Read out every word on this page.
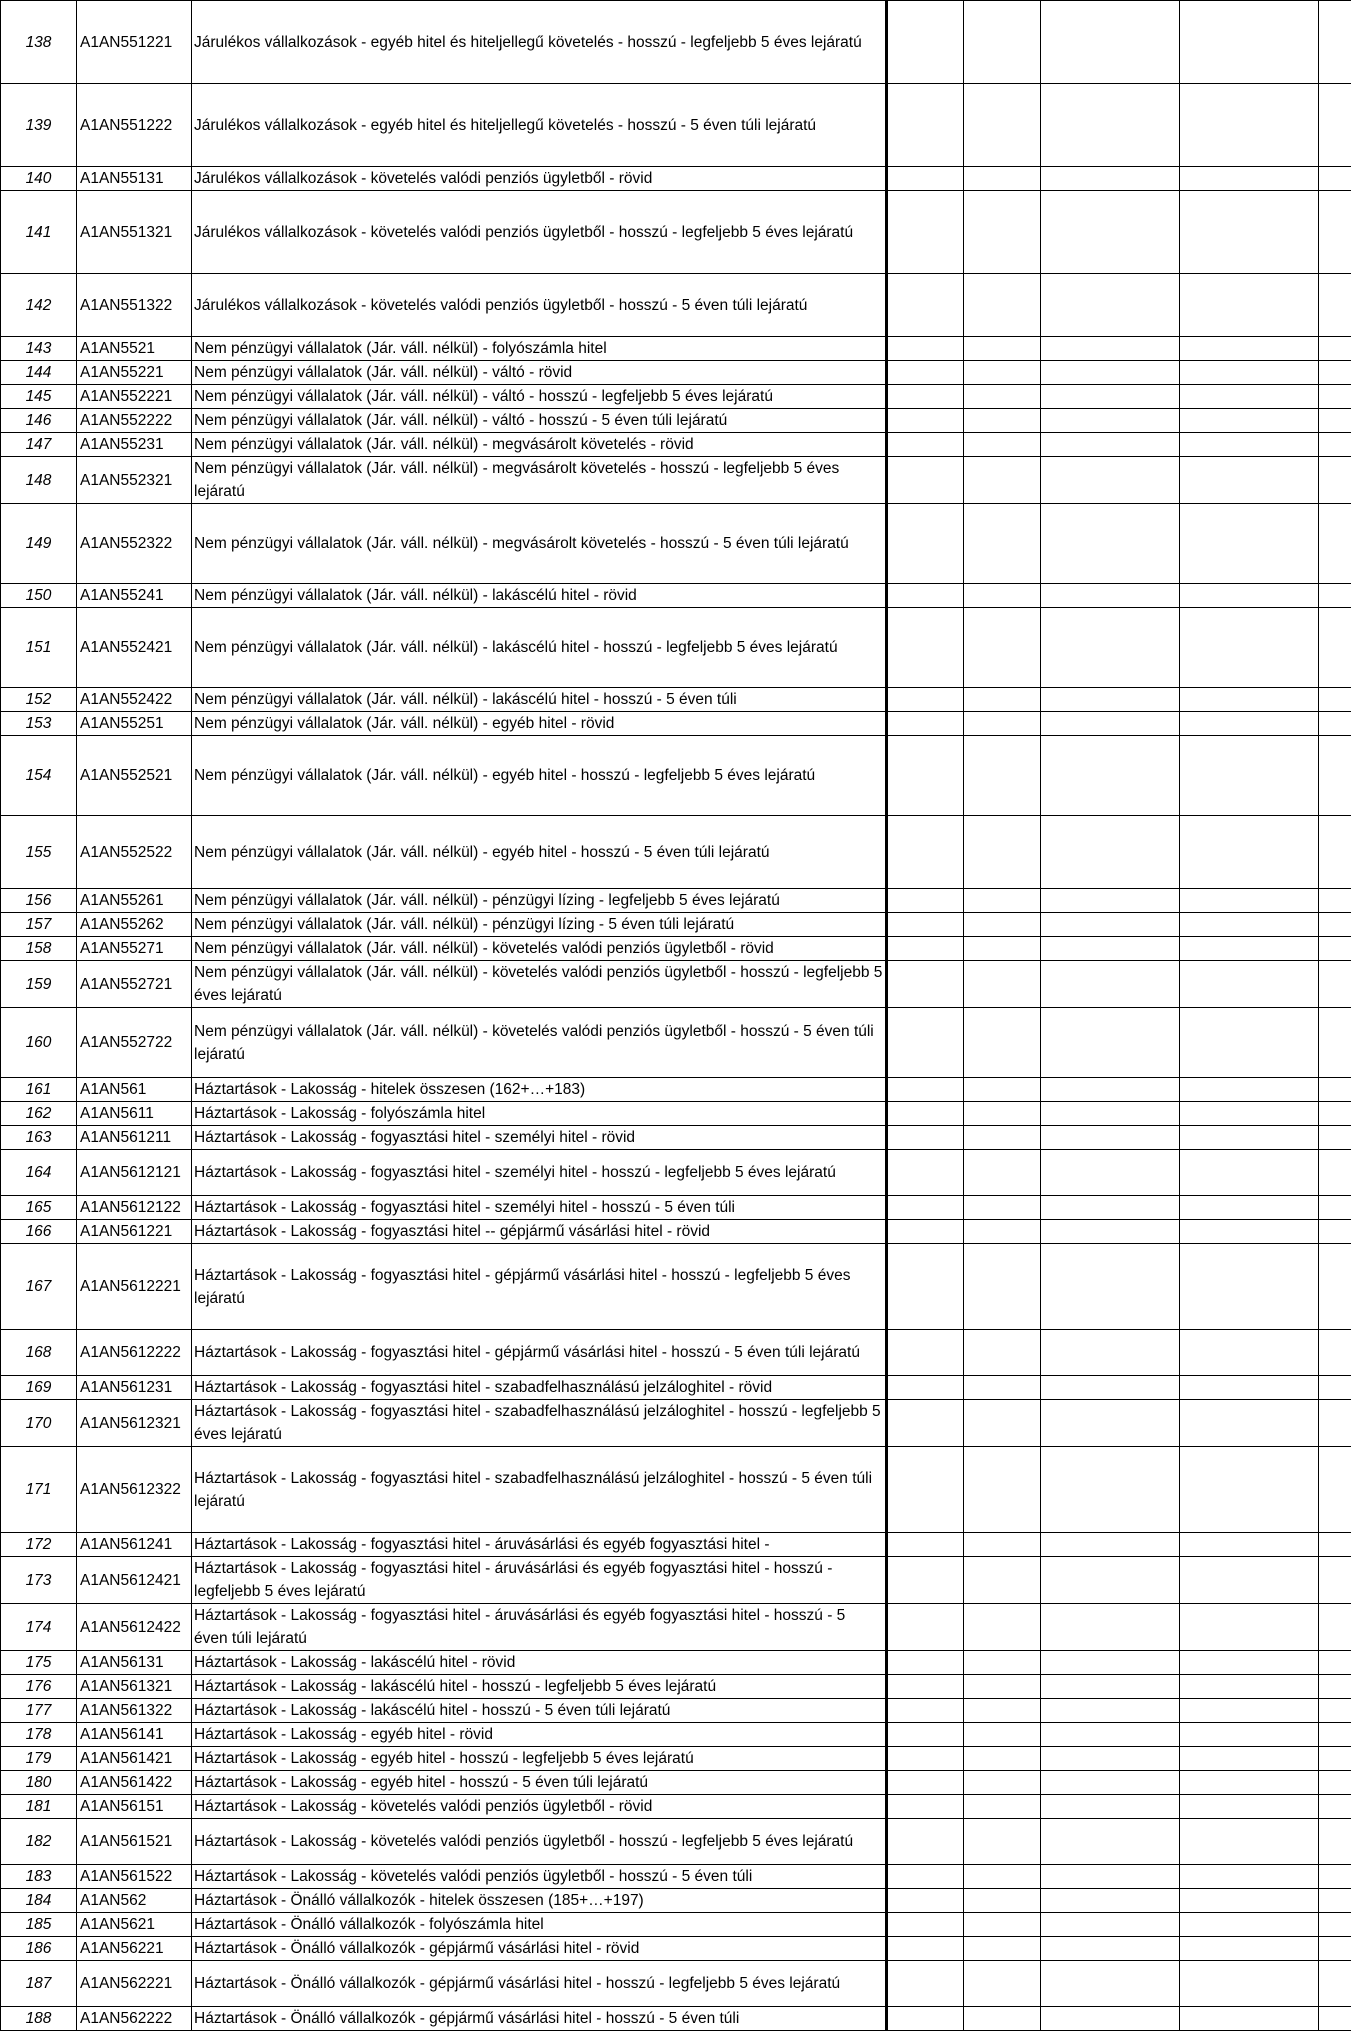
138	A1AN551221	Járulékos vállalkozások - egyéb hitel és hiteljellegű követelés - hosszú - legfeljebb 5 éves lejáratú						
139	A1AN551222	Járulékos vállalkozások - egyéb hitel és hiteljellegű követelés - hosszú - 5 éven túli lejáratú						
140	A1AN55131	Járulékos vállalkozások - követelés valódi penziós ügyletből - rövid						
141	A1AN551321	Járulékos vállalkozások - követelés valódi penziós ügyletből - hosszú - legfeljebb 5 éves lejáratú						
142	A1AN551322	Járulékos vállalkozások - követelés valódi penziós ügyletből - hosszú - 5 éven túli lejáratú						
143	A1AN5521	Nem pénzügyi vállalatok (Jár. váll. nélkül) - folyószámla hitel						
144	A1AN55221	Nem pénzügyi vállalatok (Jár. váll. nélkül) - váltó - rövid						
145	A1AN552221	Nem pénzügyi vállalatok (Jár. váll. nélkül) - váltó - hosszú - legfeljebb 5 éves lejáratú						
146	A1AN552222	Nem pénzügyi vállalatok (Jár. váll. nélkül) - váltó - hosszú - 5 éven túli lejáratú						
147	A1AN55231	Nem pénzügyi vállalatok (Jár. váll. nélkül) - megvásárolt követelés - rövid						
148	A1AN552321	Nem pénzügyi vállalatok (Jár. váll. nélkül) - megvásárolt követelés - hosszú - legfeljebb 5 éves lejáratú						
149	A1AN552322	Nem pénzügyi vállalatok (Jár. váll. nélkül) - megvásárolt követelés - hosszú - 5 éven túli lejáratú						
150	A1AN55241	Nem pénzügyi vállalatok (Jár. váll. nélkül) - lakáscélú hitel - rövid						
151	A1AN552421	Nem pénzügyi vállalatok (Jár. váll. nélkül) - lakáscélú hitel - hosszú - legfeljebb 5 éves lejáratú						
152	A1AN552422	Nem pénzügyi vállalatok (Jár. váll. nélkül) - lakáscélú hitel - hosszú - 5 éven túli						
153	A1AN55251	Nem pénzügyi vállalatok (Jár. váll. nélkül) - egyéb hitel - rövid						
154	A1AN552521	Nem pénzügyi vállalatok (Jár. váll. nélkül) - egyéb hitel - hosszú - legfeljebb 5 éves lejáratú						
155	A1AN552522	Nem pénzügyi vállalatok (Jár. váll. nélkül) - egyéb hitel - hosszú - 5 éven túli lejáratú						
156	A1AN55261	Nem pénzügyi vállalatok (Jár. váll. nélkül) - pénzügyi lízing - legfeljebb 5 éves lejáratú						
157	A1AN55262	Nem pénzügyi vállalatok (Jár. váll. nélkül) - pénzügyi lízing - 5 éven túli lejáratú						
158	A1AN55271	Nem pénzügyi vállalatok (Jár. váll. nélkül) - követelés valódi penziós ügyletből - rövid						
159	A1AN552721	Nem pénzügyi vállalatok (Jár. váll. nélkül) - követelés valódi penziós ügyletből - hosszú - legfeljebb 5 éves lejáratú						
160	A1AN552722	Nem pénzügyi vállalatok (Jár. váll. nélkül) - követelés valódi penziós ügyletből - hosszú - 5 éven túli lejáratú						
161	A1AN561	Háztartások - Lakosság - hitelek összesen (162+…+183)						
162	A1AN5611	Háztartások - Lakosság - folyószámla hitel						
163	A1AN561211	Háztartások - Lakosság - fogyasztási hitel - személyi hitel - rövid						
164	A1AN5612121	Háztartások - Lakosság - fogyasztási hitel - személyi hitel - hosszú - legfeljebb 5 éves lejáratú						
165	A1AN5612122	Háztartások - Lakosság - fogyasztási hitel - személyi hitel - hosszú - 5 éven túli						
166	A1AN561221	Háztartások - Lakosság - fogyasztási hitel -- gépjármű vásárlási hitel - rövid						
167	A1AN5612221	Háztartások - Lakosság - fogyasztási hitel - gépjármű vásárlási hitel - hosszú - legfeljebb 5 éves lejáratú						
168	A1AN5612222	Háztartások - Lakosság - fogyasztási hitel - gépjármű vásárlási hitel - hosszú - 5 éven túli lejáratú						
169	A1AN561231	Háztartások - Lakosság - fogyasztási hitel - szabadfelhasználású jelzáloghitel - rövid						
170	A1AN5612321	Háztartások - Lakosság - fogyasztási hitel - szabadfelhasználású jelzáloghitel - hosszú - legfeljebb 5 éves lejáratú						
171	A1AN5612322	Háztartások - Lakosság - fogyasztási hitel - szabadfelhasználású jelzáloghitel - hosszú - 5 éven túli lejáratú						
172	A1AN561241	Háztartások - Lakosság - fogyasztási hitel - áruvásárlási és egyéb fogyasztási hitel -						
173	A1AN5612421	Háztartások - Lakosság - fogyasztási hitel - áruvásárlási és egyéb fogyasztási hitel - hosszú - legfeljebb 5 éves lejáratú						
174	A1AN5612422	Háztartások - Lakosság - fogyasztási hitel - áruvásárlási és egyéb fogyasztási hitel - hosszú - 5 éven túli lejáratú						
175	A1AN56131	Háztartások - Lakosság - lakáscélú hitel - rövid						
176	A1AN561321	Háztartások - Lakosság - lakáscélú hitel - hosszú - legfeljebb 5 éves lejáratú						
177	A1AN561322	Háztartások - Lakosság - lakáscélú hitel - hosszú - 5 éven túli lejáratú						
178	A1AN56141	Háztartások - Lakosság - egyéb hitel - rövid						
179	A1AN561421	Háztartások - Lakosság - egyéb hitel - hosszú - legfeljebb 5 éves lejáratú						
180	A1AN561422	Háztartások - Lakosság - egyéb hitel - hosszú - 5 éven túli lejáratú						
181	A1AN56151	Háztartások - Lakosság - követelés valódi penziós ügyletből - rövid						
182	A1AN561521	Háztartások - Lakosság - követelés valódi penziós ügyletből - hosszú - legfeljebb 5 éves lejáratú						
183	A1AN561522	Háztartások - Lakosság - követelés valódi penziós ügyletből - hosszú - 5 éven túli						
184	A1AN562	Háztartások - Önálló vállalkozók - hitelek összesen (185+…+197)						
185	A1AN5621	Háztartások - Önálló vállalkozók - folyószámla hitel						
186	A1AN56221	Háztartások - Önálló vállalkozók - gépjármű vásárlási hitel - rövid						
187	A1AN562221	Háztartások - Önálló vállalkozók - gépjármű vásárlási hitel - hosszú - legfeljebb 5 éves lejáratú						
188	A1AN562222	Háztartások - Önálló vállalkozók - gépjármű vásárlási hitel - hosszú - 5 éven túli						
